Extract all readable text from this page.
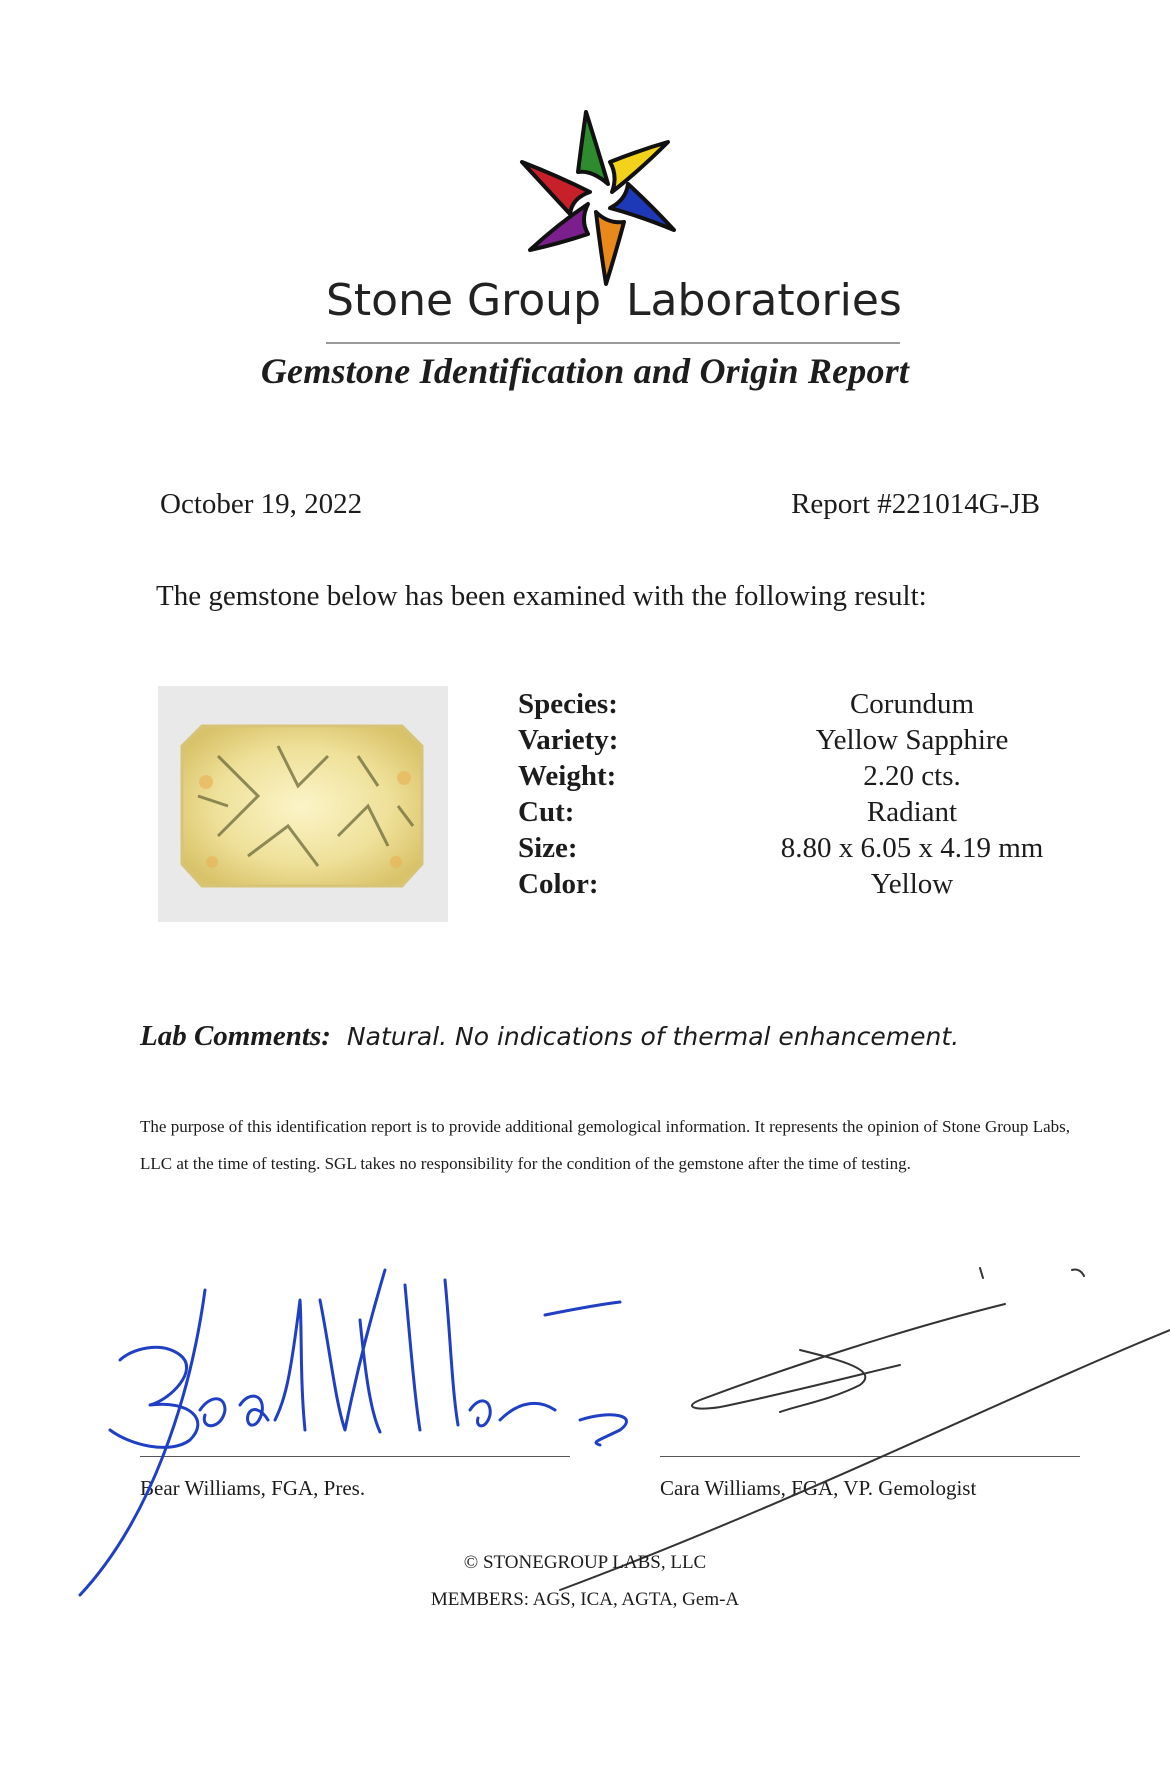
Stone Group Laboratories
Gemstone Identification and Origin Report
October 19, 2022	Report #221014G-JB
The gemstone below has been examined with the following result:
Species:	Corundum
Variety:	Yellow Sapphire
Weight:	2.20 cts.
Cut:	Radiant
Size:	8.80 x 6.05 x 4.19 mm
Color:	Yellow
Lab Comments: Natural. No indications of thermal enhancement.
The purpose of this identification report is to provide additional gemological information. It represents the opinion of Stone Group Labs, LLC at the time of testing. SGL takes no responsibility for the condition of the gemstone after the time of testing.
Bear Williams, FGA, Pres.	Cara Williams, FGA, VP. Gemologist
© STONEGROUP LABS, LLC
MEMBERS: AGS, ICA, AGTA, Gem-A
